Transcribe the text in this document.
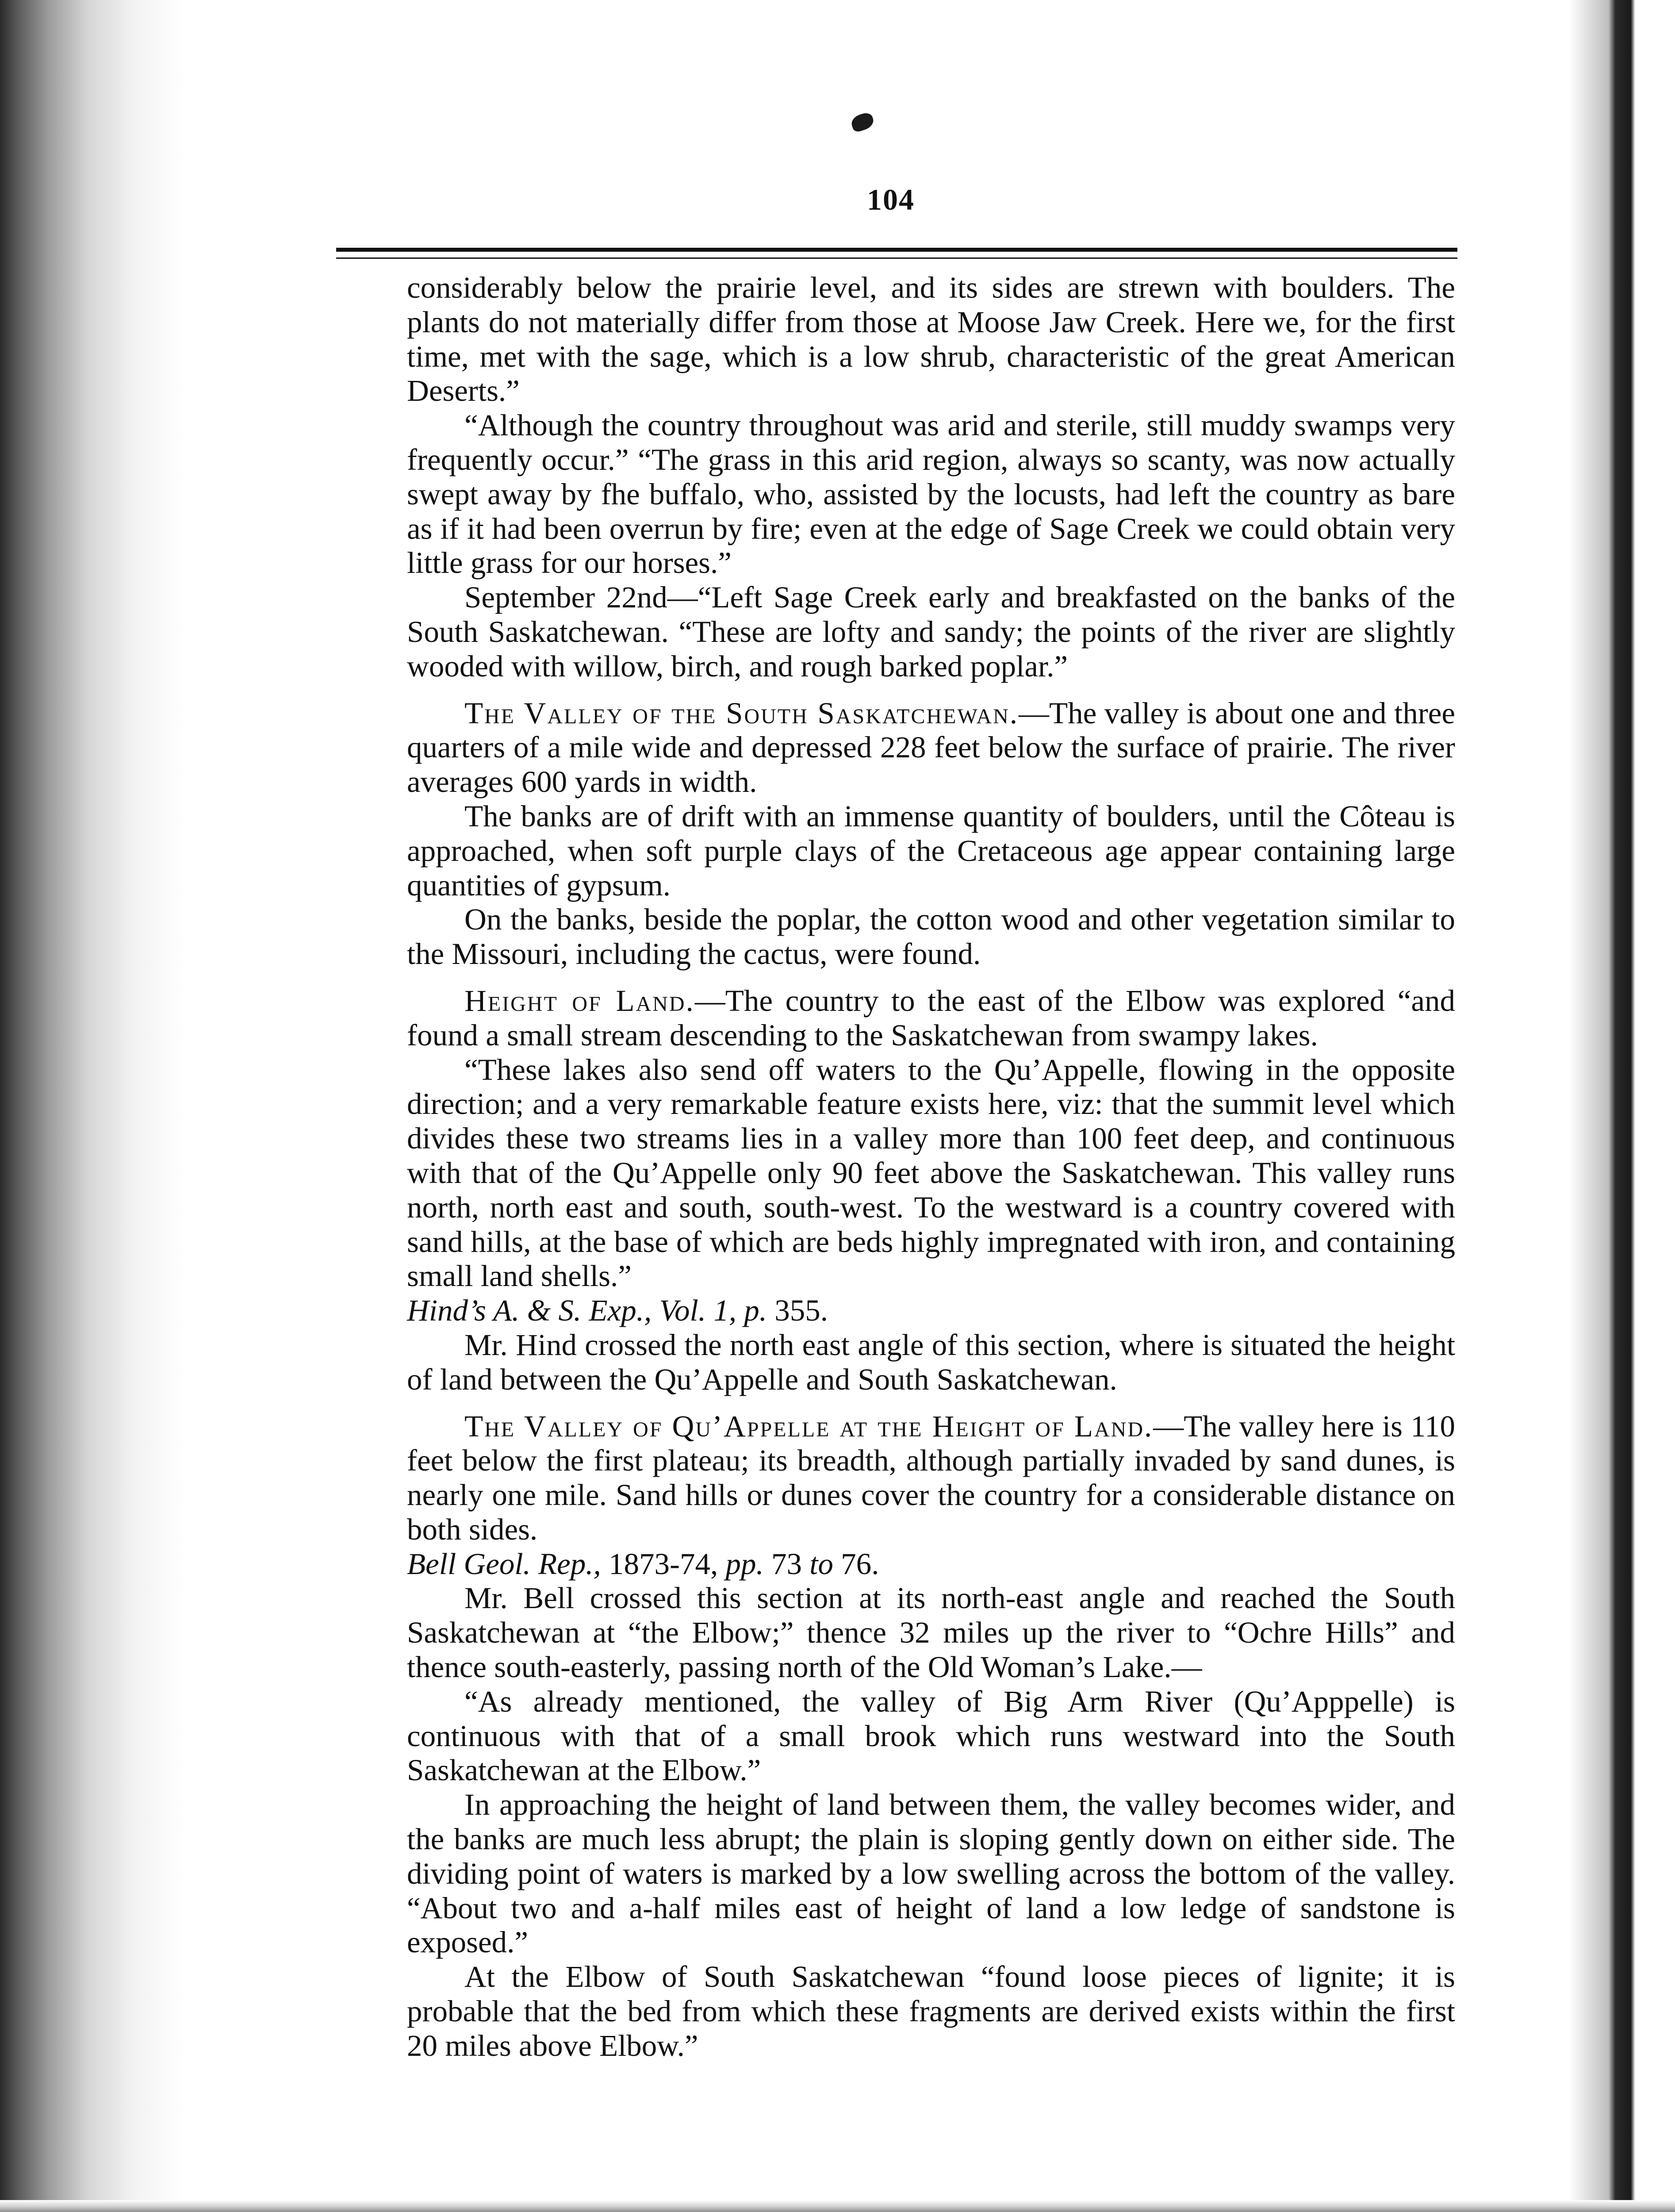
104

considerably below the prairie level, and its sides are strewn with boulders. The plants do not materially differ from those at Moose Jaw Creek. Here we, for the first time, met with the sage, which is a low shrub, characteristic of the great American Deserts.”

“Although the country throughout was arid and sterile, still muddy swamps very frequently occur.” “The grass in this arid region, always so scanty, was now actually swept away by fhe buffalo, who, assisted by the locusts, had left the country as bare as if it had been overrun by fire; even at the edge of Sage Creek we could obtain very little grass for our horses.”

September 22nd—“Left Sage Creek early and breakfasted on the banks of the South Saskatchewan. “These are lofty and sandy; the points of the river are slightly wooded with willow, birch, and rough barked poplar.”

The Valley of the South Saskatchewan.—The valley is about one and three quarters of a mile wide and depressed 228 feet below the surface of prairie. The river averages 600 yards in width.

The banks are of drift with an immense quantity of boulders, until the Côteau is approached, when soft purple clays of the Cretaceous age appear containing large quantities of gypsum.

On the banks, beside the poplar, the cotton wood and other vegetation similar to the Missouri, including the cactus, were found.

Height of Land.—The country to the east of the Elbow was explored “and found a small stream descending to the Saskatchewan from swampy lakes.

“These lakes also send off waters to the Qu’Appelle, flowing in the opposite direction; and a very remarkable feature exists here, viz: that the summit level which divides these two streams lies in a valley more than 100 feet deep, and continuous with that of the Qu’Appelle only 90 feet above the Saskatchewan. This valley runs north, north east and south, south-west. To the westward is a country covered with sand hills, at the base of which are beds highly impregnated with iron, and containing small land shells.”

Hind’s A. & S. Exp., Vol. 1, p. 355.

Mr. Hind crossed the north east angle of this section, where is situated the height of land between the Qu’Appelle and South Saskatchewan.

The Valley of Qu’Appelle at the Height of Land.—The valley here is 110 feet below the first plateau; its breadth, although partially invaded by sand dunes, is nearly one mile. Sand hills or dunes cover the country for a considerable distance on both sides.

Bell Geol. Rep., 1873-74, pp. 73 to 76.

Mr. Bell crossed this section at its north-east angle and reached the South Saskatchewan at “the Elbow;” thence 32 miles up the river to “Ochre Hills” and thence south-easterly, passing north of the Old Woman’s Lake.—

“As already mentioned, the valley of Big Arm River (Qu’Apppelle) is continuous with that of a small brook which runs westward into the South Saskatchewan at the Elbow.”

In approaching the height of land between them, the valley becomes wider, and the banks are much less abrupt; the plain is sloping gently down on either side. The dividing point of waters is marked by a low swelling across the bottom of the valley. “About two and a-half miles east of height of land a low ledge of sandstone is exposed.”

At the Elbow of South Saskatchewan “found loose pieces of lignite; it is probable that the bed from which these fragments are derived exists within the first 20 miles above Elbow.”
